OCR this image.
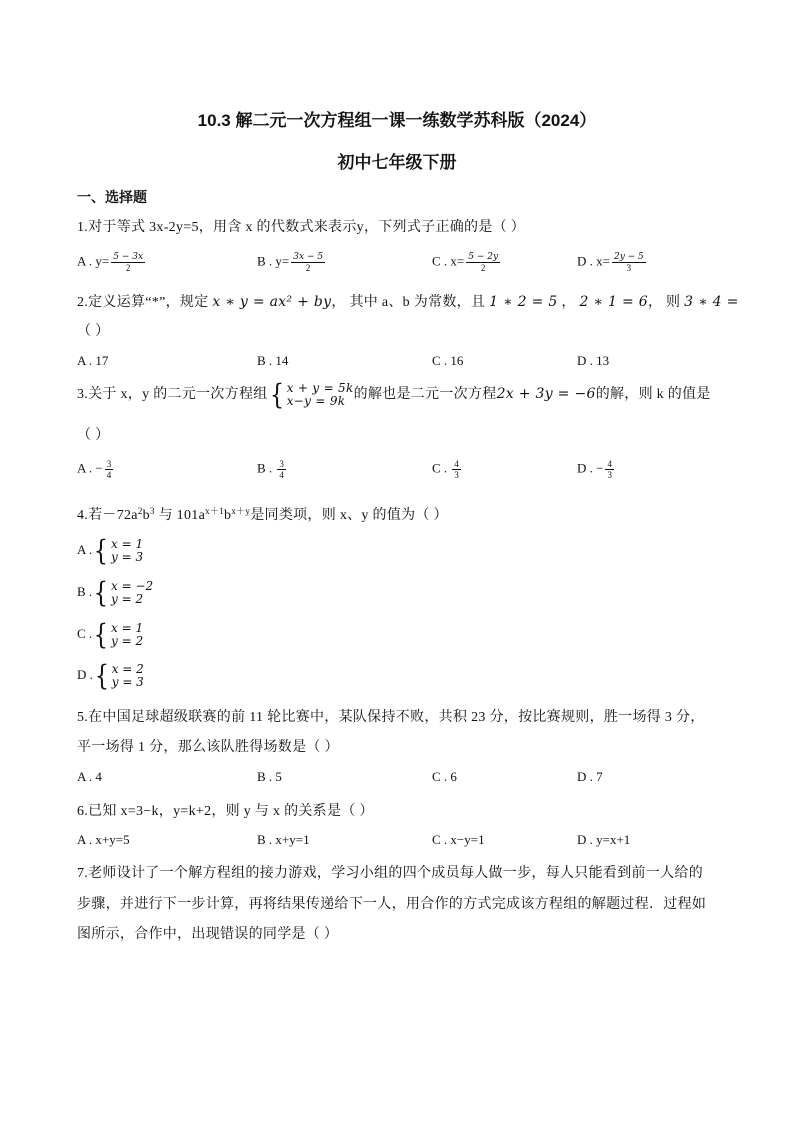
10.3 解二元一次方程组一课一练数学苏科版（2024）
初中七年级下册
一、选择题
1.对于等式 3x-2y=5，用含 x 的代数式来表示y，下列式子正确的是（ ）
A . $y= \frac{5 - 3x}{2}$	B . $y= \frac{3x - 5}{2}$	C . $x= \frac{5 - 2y}{2}$	D . $x= \frac{2y - 5}{3}$
2.定义运算“*”，规定 x ∗ y = ax² + by， 其中 a、b 为常数，且 1 ∗ 2 = 5 ， 2 ∗ 1 = 6， 则 3 ∗ 4 =
（ ）
A . 17	B . 14	C . 16	D . 13
3.关于 x，y 的二元一次方程组 { x + y = 5k
x−y = 9k 的解也是二元一次方程2x + 3y = −6的解，则 k 的值是
（ ）
A . − $\frac{3}{4}$	B . $\frac{3}{4}$	C . $\frac{4}{3}$	D . − $\frac{4}{3}$
4.若$-72a^2b^3$ 与 $101a^{x+1}b^{x+y}$是同类项，则 x、y 的值为（ ）
A . { x = 1
y = 3
B . { x = −2
y = 2
C . { x = 1
y = 2
D . { x = 2
y = 3
5.在中国足球超级联赛的前 11 轮比赛中，某队保持不败，共积 23 分，按比赛规则，胜一场得 3 分，
平一场得 1 分，那么该队胜得场数是（ ）
A . 4	B . 5	C . 6	D . 7
6.已知 x=3−k，y=k+2，则 y 与 x 的关系是（ ）
A . x+y=5	B . x+y=1	C . x−y=1	D . y=x+1
7.老师设计了一个解方程组的接力游戏，学习小组的四个成员每人做一步，每人只能看到前一人给的
步骤，并进行下一步计算，再将结果传递给下一人，用合作的方式完成该方程组的解题过程．过程如
图所示，合作中，出现错误的同学是（ ）
